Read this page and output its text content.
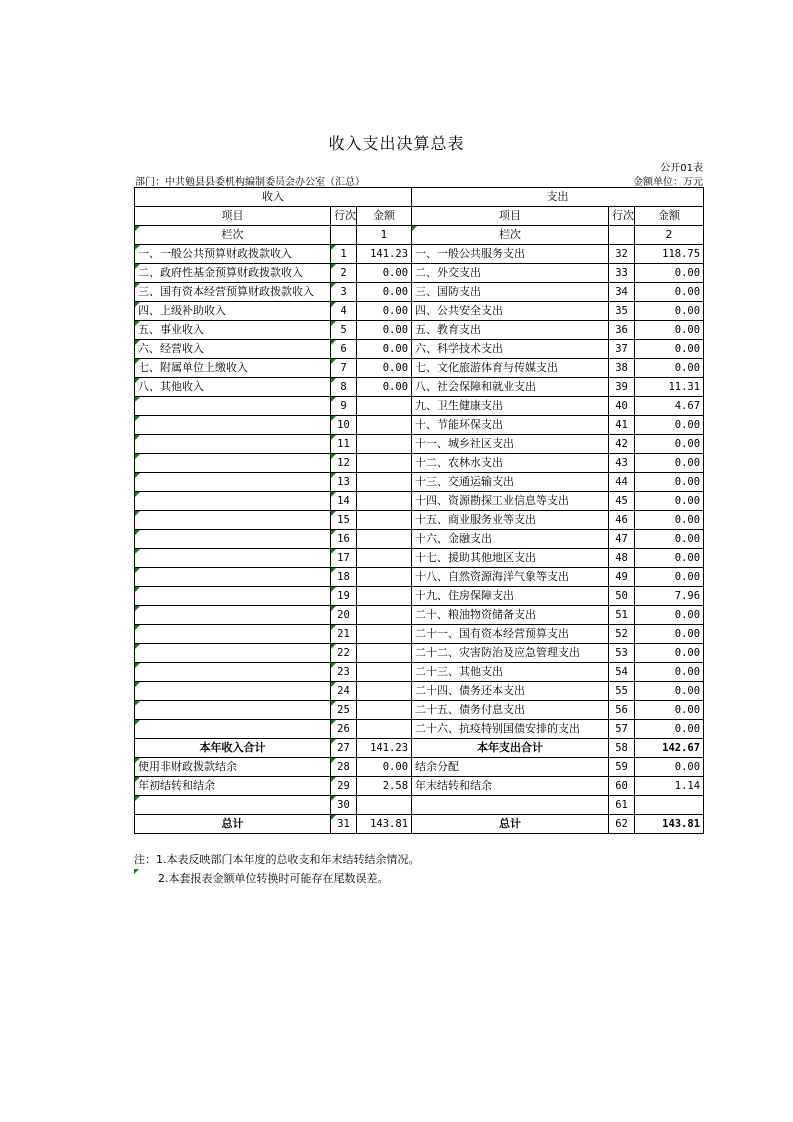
收入支出决算总表
公开01表
部门：中共勉县县委机构编制委员会办公室（汇总）	金额单位：万元
收入			支出		
项目	行次	金额	项目	行次	金额
栏次		1	栏次		2
一、一般公共预算财政拨款收入	1	141.23	一、一般公共服务支出	32	118.75
二、政府性基金预算财政拨款收入	2	0.00	二、外交支出	33	0.00
三、国有资本经营预算财政拨款收入	3	0.00	三、国防支出	34	0.00
四、上级补助收入	4	0.00	四、公共安全支出	35	0.00
五、事业收入	5	0.00	五、教育支出	36	0.00
六、经营收入	6	0.00	六、科学技术支出	37	0.00
七、附属单位上缴收入	7	0.00	七、文化旅游体育与传媒支出	38	0.00
八、其他收入	8	0.00	八、社会保障和就业支出	39	11.31
	9		九、卫生健康支出	40	4.67
	10		十、节能环保支出	41	0.00
	11		十一、城乡社区支出	42	0.00
	12		十二、农林水支出	43	0.00
	13		十三、交通运输支出	44	0.00
	14		十四、资源勘探工业信息等支出	45	0.00
	15		十五、商业服务业等支出	46	0.00
	16		十六、金融支出	47	0.00
	17		十七、援助其他地区支出	48	0.00
	18		十八、自然资源海洋气象等支出	49	0.00
	19		十九、住房保障支出	50	7.96
	20		二十、粮油物资储备支出	51	0.00
	21		二十一、国有资本经营预算支出	52	0.00
	22		二十二、灾害防治及应急管理支出	53	0.00
	23		二十三、其他支出	54	0.00
	24		二十四、债务还本支出	55	0.00
	25		二十五、债务付息支出	56	0.00
	26		二十六、抗疫特别国债安排的支出	57	0.00
本年收入合计	27	141.23	本年支出合计	58	142.67
使用非财政拨款结余	28	0.00	结余分配	59	0.00
年初结转和结余	29	2.58	年末结转和结余	60	1.14
	30			61	
总计	31	143.81	总计	62	143.81
注：1.本表反映部门本年度的总收支和年末结转结余情况。
2.本套报表金额单位转换时可能存在尾数误差。
